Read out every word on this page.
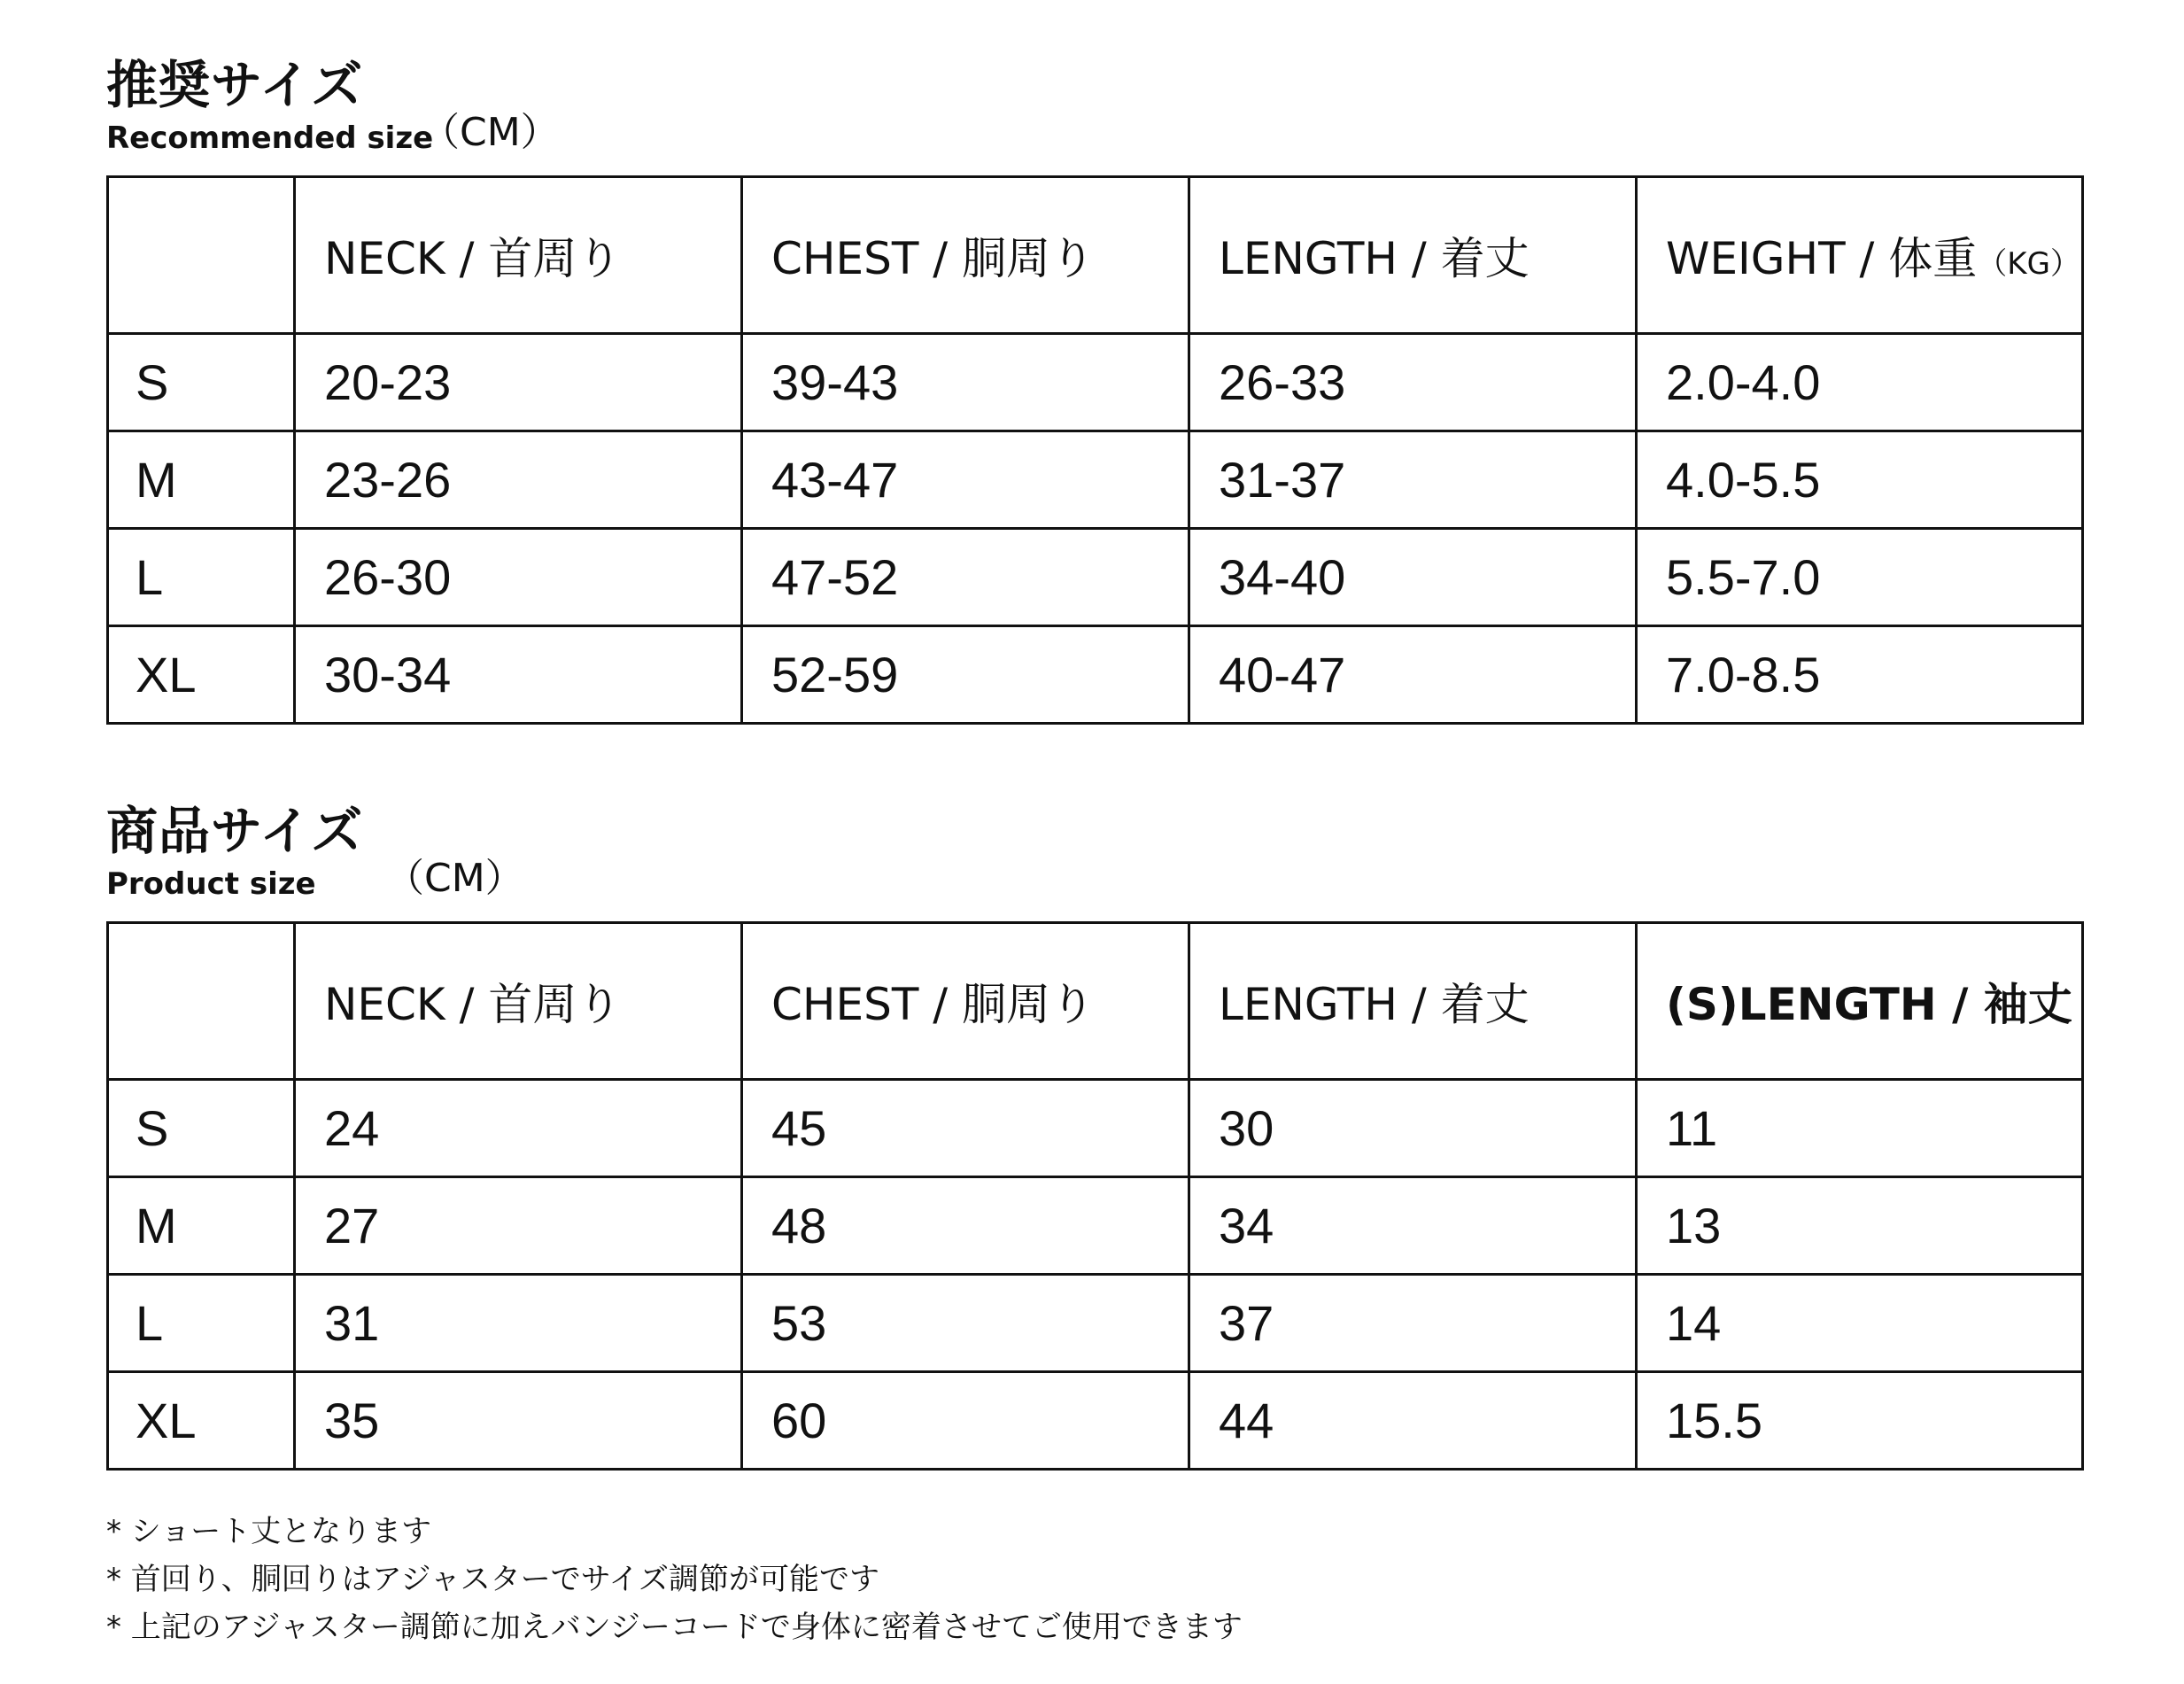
推奨サイズ
Recommended size
（CM）
	NECK / 首周り	CHEST / 胴周り	LENGTH / 着丈	WEIGHT / 体重（KG）
S	20-23	39-43	26-33	2.0-4.0
M	23-26	43-47	31-37	4.0-5.5
L	26-30	47-52	34-40	5.5-7.0
XL	30-34	52-59	40-47	7.0-8.5
商品サイズ
Product size （CM）
	NECK / 首周り	CHEST / 胴周り	LENGTH / 着丈	(S)LENGTH / 袖丈
S	24	45	30	11
M	27	48	34	13
L	31	53	37	14
XL	35	60	44	15.5
* ショート丈となります
* 首回り、胴回りはアジャスターでサイズ調節が可能です
* 上記のアジャスター調節に加えバンジーコードで身体に密着させてご使用できます
